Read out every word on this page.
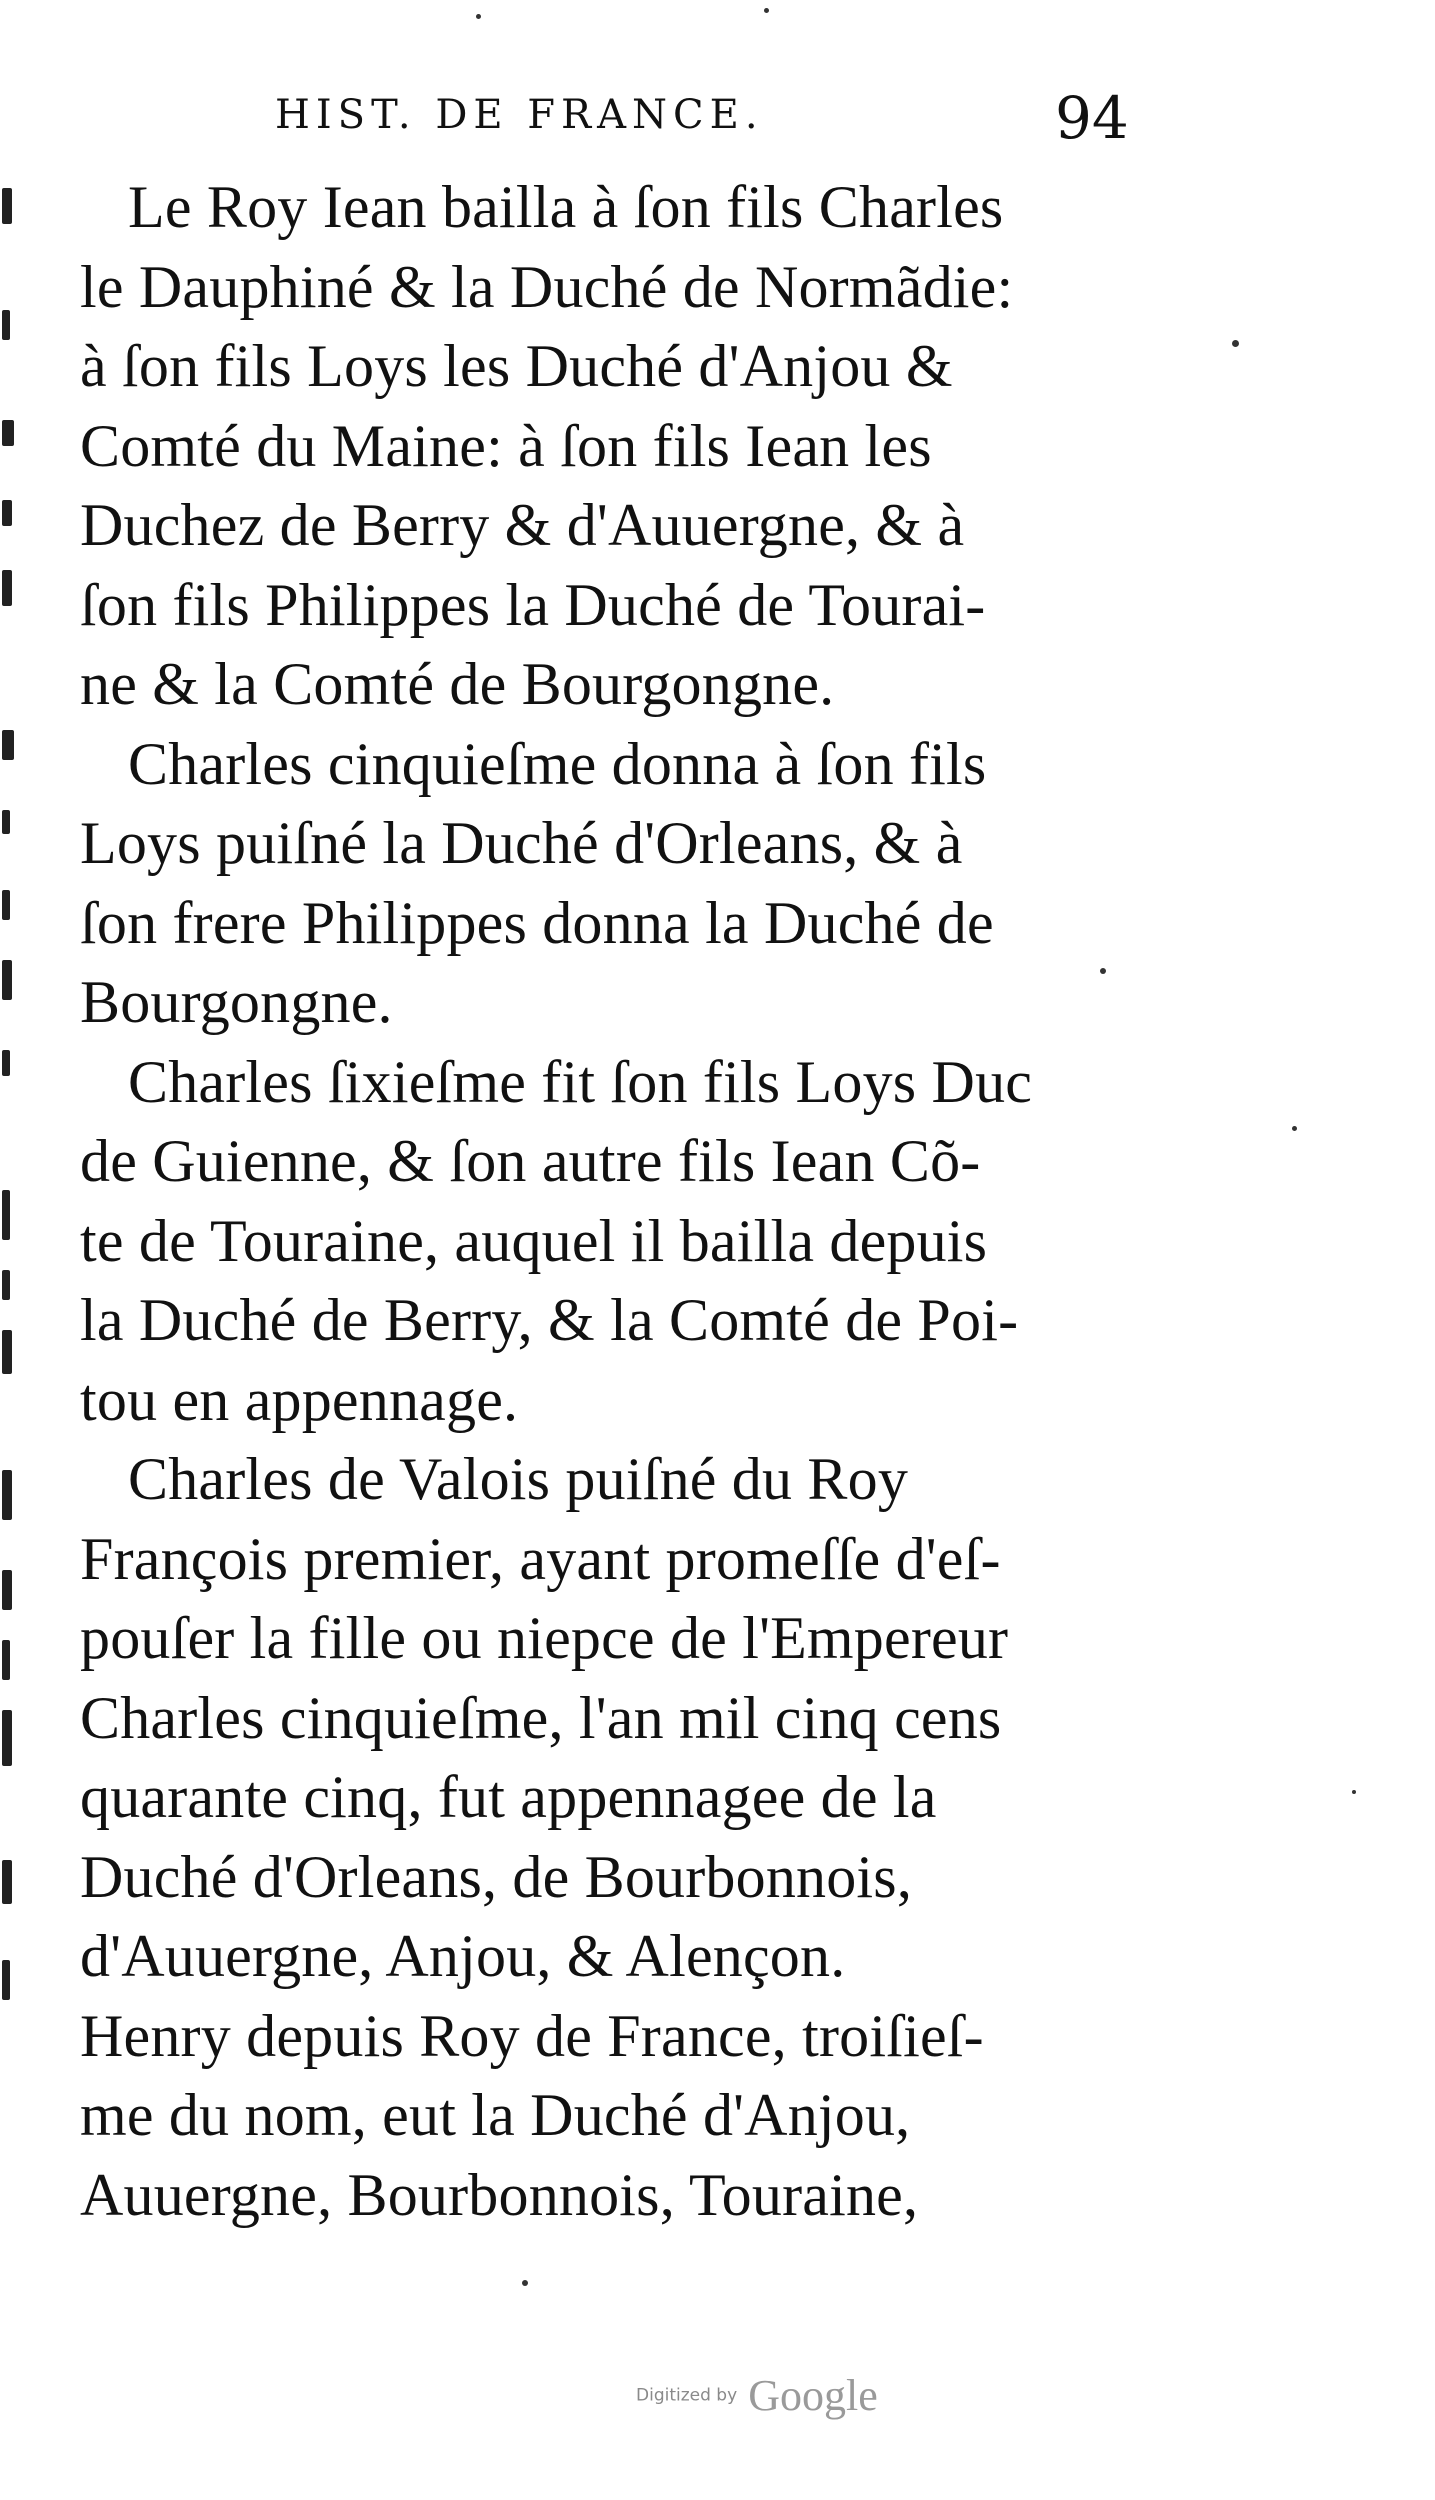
HIST. DE FRANCE.	94
Le Roy Iean bailla à ſon fils Charles
le Dauphiné & la Duché de Normãdie:
à ſon fils Loys les Duché d'Anjou &
Comté du Maine: à ſon fils Iean les
Duchez de Berry & d'Auuergne, & à
ſon fils Philippes la Duché de Tourai-
ne & la Comté de Bourgongne.
Charles cinquieſme donna à ſon fils
Loys puiſné la Duché d'Orleans, & à
ſon frere Philippes donna la Duché de
Bourgongne.
Charles ſixieſme fit ſon fils Loys Duc
de Guienne, & ſon autre fils Iean Cõ-
te de Touraine, auquel il bailla depuis
la Duché de Berry, & la Comté de Poi-
tou en appennage.
Charles de Valois puiſné du Roy
François premier, ayant promeſſe d'eſ-
pouſer la fille ou niepce de l'Empereur
Charles cinquieſme, l'an mil cinq cens
quarante cinq, fut appennagee de la
Duché d'Orleans, de Bourbonnois,
d'Auuergne, Anjou, & Alençon.
Henry depuis Roy de France, troiſieſ-
me du nom, eut la Duché d'Anjou,
Auuergne, Bourbonnois, Touraine,
Digitized by Google
